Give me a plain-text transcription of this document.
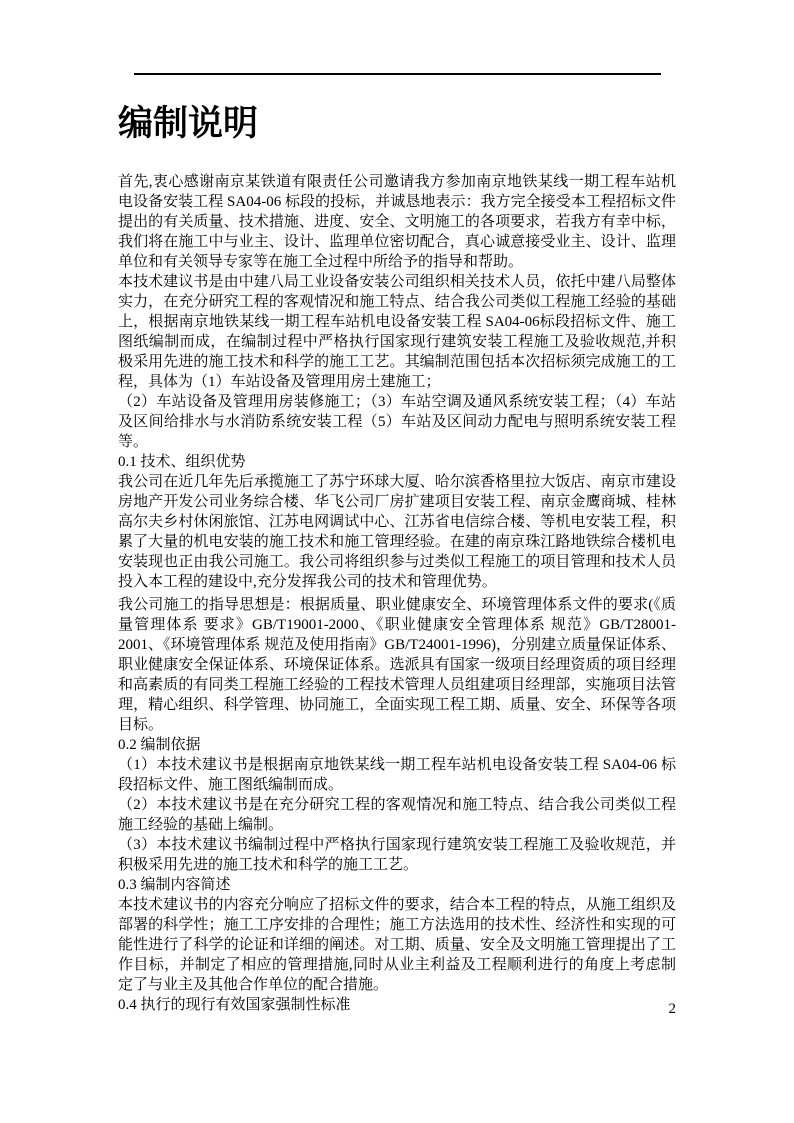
编制说明

首先,衷心感谢南京某铁道有限责任公司邀请我方参加南京地铁某线一期工程车站机电设备安装工程 SA04-06 标段的投标，并诚恳地表示：我方完全接受本工程招标文件提出的有关质量、技术措施、进度、安全、文明施工的各项要求，若我方有幸中标，我们将在施工中与业主、设计、监理单位密切配合，真心诚意接受业主、设计、监理单位和有关领导专家等在施工全过程中所给予的指导和帮助。

本技术建议书是由中建八局工业设备安装公司组织相关技术人员，依托中建八局整体实力，在充分研究工程的客观情况和施工特点、结合我公司类似工程施工经验的基础上，根据南京地铁某线一期工程车站机电设备安装工程 SA04-06标段招标文件、施工图纸编制而成，在编制过程中严格执行国家现行建筑安装工程施工及验收规范,并积极采用先进的施工技术和科学的施工工艺。其编制范围包括本次招标须完成施工的工程，具体为（1）车站设备及管理用房土建施工；

（2）车站设备及管理用房装修施工；（3）车站空调及通风系统安装工程；（4）车站及区间给排水与水消防系统安装工程（5）车站及区间动力配电与照明系统安装工程等。

0.1 技术、组织优势

我公司在近几年先后承揽施工了苏宁环球大厦、哈尔滨香格里拉大饭店、南京市建设房地产开发公司业务综合楼、华飞公司厂房扩建项目安装工程、南京金鹰商城、桂林高尔夫乡村休闲旅馆、江苏电网调试中心、江苏省电信综合楼、等机电安装工程，积累了大量的机电安装的施工技术和施工管理经验。在建的南京珠江路地铁综合楼机电安装现也正由我公司施工。我公司将组织参与过类似工程施工的项目管理和技术人员投入本工程的建设中,充分发挥我公司的技术和管理优势。

我公司施工的指导思想是：根据质量、职业健康安全、环境管理体系文件的要求(《质量管理体系 要求》GB/T19001-2000、《职业健康安全管理体系 规范》GB/T28001-2001、《环境管理体系 规范及使用指南》GB/T24001-1996)，分别建立质量保证体系、职业健康安全保证体系、环境保证体系。选派具有国家一级项目经理资质的项目经理和高素质的有同类工程施工经验的工程技术管理人员组建项目经理部，实施项目法管理，精心组织、科学管理、协同施工，全面实现工程工期、质量、安全、环保等各项目标。

0.2 编制依据

（1）本技术建议书是根据南京地铁某线一期工程车站机电设备安装工程 SA04-06 标段招标文件、施工图纸编制而成。

（2）本技术建议书是在充分研究工程的客观情况和施工特点、结合我公司类似工程施工经验的基础上编制。

（3）本技术建议书编制过程中严格执行国家现行建筑安装工程施工及验收规范，并积极采用先进的施工技术和科学的施工工艺。

0.3 编制内容简述

本技术建议书的内容充分响应了招标文件的要求，结合本工程的特点，从施工组织及部署的科学性；施工工序安排的合理性；施工方法选用的技术性、经济性和实现的可能性进行了科学的论证和详细的阐述。对工期、质量、安全及文明施工管理提出了工作目标，并制定了相应的管理措施,同时从业主利益及工程顺利进行的角度上考虑制定了与业主及其他合作单位的配合措施。

0.4 执行的现行有效国家强制性标准	2
